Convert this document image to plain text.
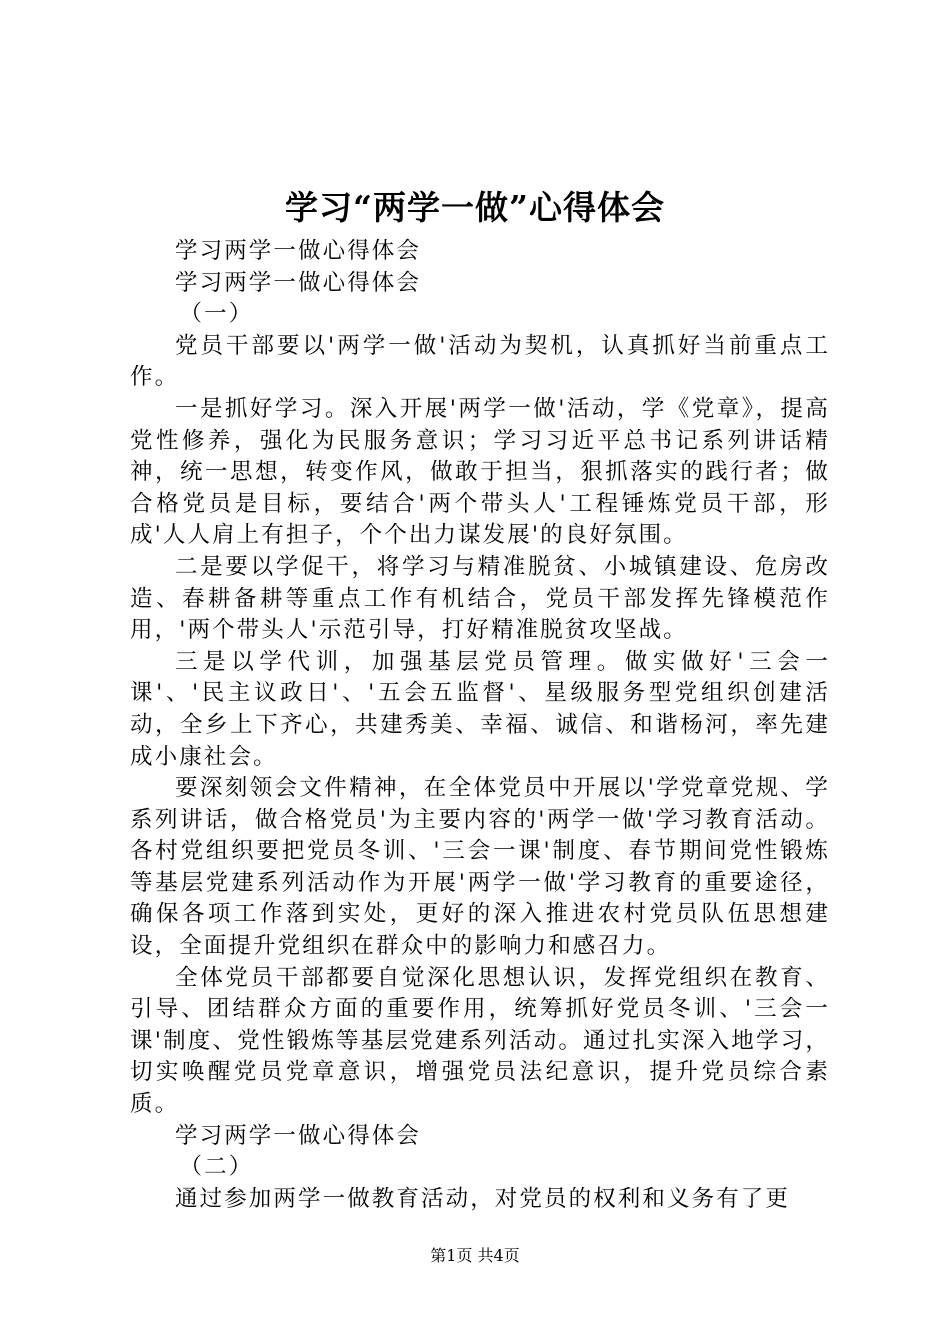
学习“两学一做”心得体会

学习两学一做心得体会

学习两学一做心得体会

（一）

党员干部要以'两学一做'活动为契机，认真抓好当前重点工作。

一是抓好学习。深入开展'两学一做'活动，学《党章》，提高党性修养，强化为民服务意识；学习习近平总书记系列讲话精神，统一思想，转变作风，做敢于担当，狠抓落实的践行者；做合格党员是目标，要结合'两个带头人'工程锤炼党员干部，形成'人人肩上有担子，个个出力谋发展'的良好氛围。

二是要以学促干，将学习与精准脱贫、小城镇建设、危房改造、春耕备耕等重点工作有机结合，党员干部发挥先锋模范作用，'两个带头人'示范引导，打好精准脱贫攻坚战。

三是以学代训，加强基层党员管理。做实做好'三会一课'、'民主议政日'、'五会五监督'、星级服务型党组织创建活动，全乡上下齐心，共建秀美、幸福、诚信、和谐杨河，率先建成小康社会。

要深刻领会文件精神，在全体党员中开展以'学党章党规、学系列讲话，做合格党员'为主要内容的'两学一做'学习教育活动。各村党组织要把党员冬训、'三会一课'制度、春节期间党性锻炼等基层党建系列活动作为开展'两学一做'学习教育的重要途径，确保各项工作落到实处，更好的深入推进农村党员队伍思想建设，全面提升党组织在群众中的影响力和感召力。

全体党员干部都要自觉深化思想认识，发挥党组织在教育、引导、团结群众方面的重要作用，统筹抓好党员冬训、'三会一课'制度、党性锻炼等基层党建系列活动。通过扎实深入地学习，切实唤醒党员党章意识，增强党员法纪意识，提升党员综合素质。

学习两学一做心得体会

（二）

通过参加两学一做教育活动，对党员的权利和义务有了更

第1页 共4页
